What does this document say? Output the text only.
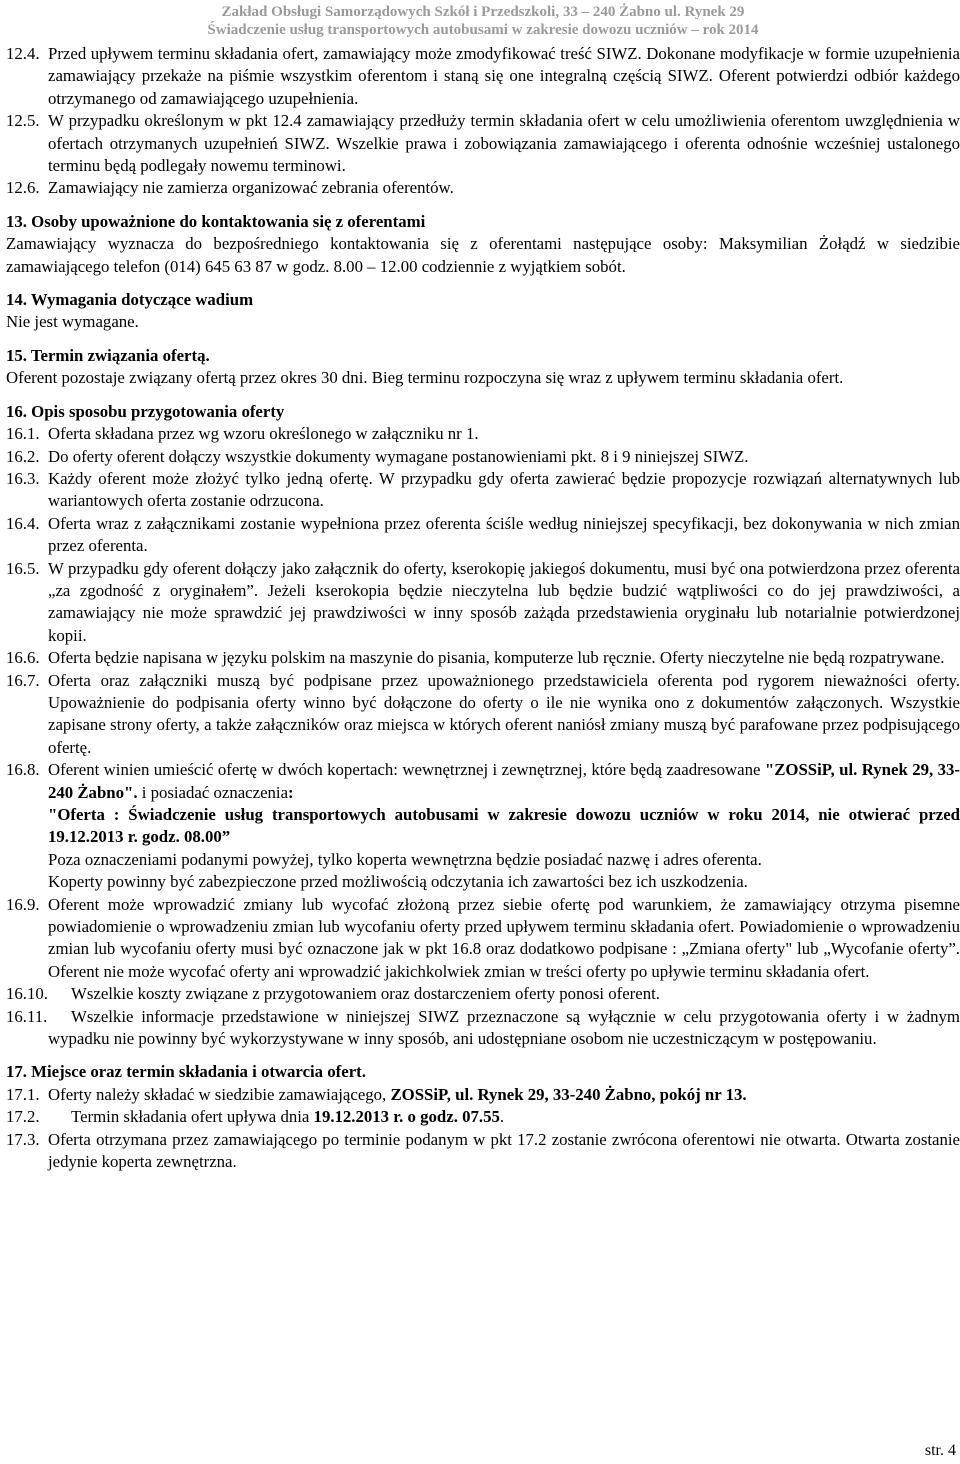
Zakład Obsługi Samorządowych Szkół i Przedszkoli, 33 – 240 Żabno ul. Rynek 29
Świadczenie usług transportowych autobusami w zakresie dowozu uczniów – rok 2014
12.4. Przed upływem terminu składania ofert, zamawiający może zmodyfikować treść SIWZ. Dokonane modyfikacje w formie uzupełnienia zamawiający przekaże na piśmie wszystkim oferentom i staną się one integralną częścią SIWZ. Oferent potwierdzi odbiór każdego otrzymanego od zamawiającego uzupełnienia.
12.5. W przypadku określonym w pkt 12.4 zamawiający przedłuży termin składania ofert w celu umożliwienia oferentom uwzględnienia w ofertach otrzymanych uzupełnień SIWZ. Wszelkie prawa i zobowiązania zamawiającego i oferenta odnośnie wcześniej ustalonego terminu będą podlegały nowemu terminowi.
12.6. Zamawiający nie zamierza organizować zebrania oferentów.
13. Osoby upoważnione do kontaktowania się z oferentami
Zamawiający wyznacza do bezpośredniego kontaktowania się z oferentami następujące osoby: Maksymilian Żołądź w siedzibie zamawiającego telefon (014) 645 63 87 w godz. 8.00 – 12.00 codziennie z wyjątkiem sobót.
14. Wymagania dotyczące wadium
Nie jest wymagane.
15. Termin związania ofertą.
Oferent pozostaje związany ofertą przez okres 30 dni. Bieg terminu rozpoczyna się wraz z upływem terminu składania ofert.
16. Opis sposobu przygotowania oferty
16.1. Oferta składana przez wg wzoru określonego w załączniku nr 1.
16.2. Do oferty oferent dołączy wszystkie dokumenty wymagane postanowieniami pkt. 8 i 9 niniejszej SIWZ.
16.3. Każdy oferent może złożyć tylko jedną ofertę. W przypadku gdy oferta zawierać będzie propozycje rozwiązań alternatywnych lub wariantowych oferta zostanie odrzucona.
16.4. Oferta wraz z załącznikami zostanie wypełniona przez oferenta ściśle według niniejszej specyfikacji, bez dokonywania w nich zmian przez oferenta.
16.5. W przypadku gdy oferent dołączy jako załącznik do oferty, kserokopię jakiegoś dokumentu, musi być ona potwierdzona przez oferenta „za zgodność z oryginałem”. Jeżeli kserokopia będzie nieczytelna lub będzie budzić wątpliwości co do jej prawdziwości, a zamawiający nie może sprawdzić jej prawdziwości w inny sposób zażąda przedstawienia oryginału lub notarialnie potwierdzonej kopii.
16.6. Oferta będzie napisana w języku polskim na maszynie do pisania, komputerze lub ręcznie. Oferty nieczytelne nie będą rozpatrywane.
16.7. Oferta oraz załączniki muszą być podpisane przez upoważnionego przedstawiciela oferenta pod rygorem nieważności oferty. Upoważnienie do podpisania oferty winno być dołączone do oferty o ile nie wynika ono z dokumentów załączonych. Wszystkie zapisane strony oferty, a także załączników oraz miejsca w których oferent naniósł zmiany muszą być parafowane przez podpisującego ofertę.
16.8. Oferent winien umieścić ofertę w dwóch kopertach: wewnętrznej i zewnętrznej, które będą zaadresowane "ZOSSiP, ul. Rynek 29, 33-240 Żabno". i posiadać oznaczenia:
"Oferta : Świadczenie usług transportowych autobusami w zakresie dowozu uczniów w roku 2014, nie otwierać przed 19.12.2013 r. godz. 08.00”
Poza oznaczeniami podanymi powyżej, tylko koperta wewnętrzna będzie posiadać nazwę i adres oferenta.
Koperty powinny być zabezpieczone przed możliwością odczytania ich zawartości bez ich uszkodzenia.
16.9. Oferent może wprowadzić zmiany lub wycofać złożoną przez siebie ofertę pod warunkiem, że zamawiający otrzyma pisemne powiadomienie o wprowadzeniu zmian lub wycofaniu oferty przed upływem terminu składania ofert. Powiadomienie o wprowadzeniu zmian lub wycofaniu oferty musi być oznaczone jak w pkt 16.8 oraz dodatkowo podpisane : „Zmiana oferty" lub „Wycofanie oferty”. Oferent nie może wycofać oferty ani wprowadzić jakichkolwiek zmian w treści oferty po upływie terminu składania ofert.
16.10.	Wszelkie koszty związane z przygotowaniem oraz dostarczeniem oferty ponosi oferent.
16.11.	Wszelkie informacje przedstawione w niniejszej SIWZ przeznaczone są wyłącznie w celu przygotowania oferty i w żadnym wypadku nie powinny być wykorzystywane w inny sposób, ani udostępniane osobom nie uczestniczącym w postępowaniu.
17. Miejsce oraz termin składania i otwarcia ofert.
17.1. Oferty należy składać w siedzibie zamawiającego, ZOSSiP, ul. Rynek 29, 33-240 Żabno, pokój nr 13.
17.2.	Termin składania ofert upływa dnia 19.12.2013 r. o godz. 07.55.
17.3. Oferta otrzymana przez zamawiającego po terminie podanym w pkt 17.2 zostanie zwrócona oferentowi nie otwarta. Otwarta zostanie jedynie koperta zewnętrzna.
str. 4
